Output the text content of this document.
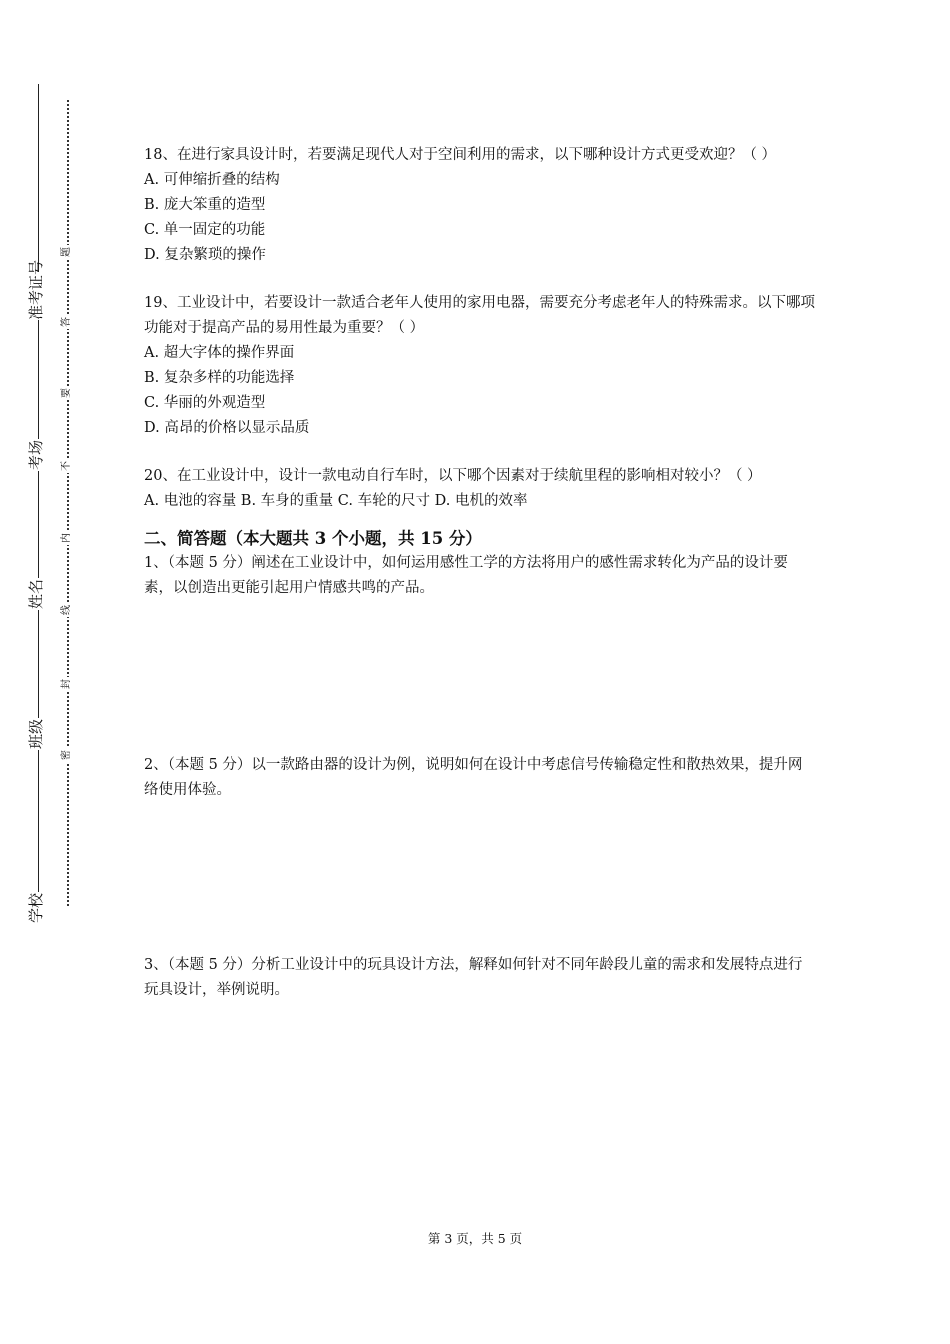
准考证号
考场
姓名
班级
学校
题
答
要
不
内
线
封
密

18、在进行家具设计时，若要满足现代人对于空间利用的需求，以下哪种设计方式更受欢迎？（ ）

A. 可伸缩折叠的结构

B. 庞大笨重的造型

C. 单一固定的功能

D. 复杂繁琐的操作

19、工业设计中，若要设计一款适合老年人使用的家用电器，需要充分考虑老年人的特殊需求。以下哪项功能对于提高产品的易用性最为重要？（ ）

A. 超大字体的操作界面

B. 复杂多样的功能选择

C. 华丽的外观造型

D. 高昂的价格以显示品质

20、在工业设计中，设计一款电动自行车时，以下哪个因素对于续航里程的影响相对较小？（ ）

A. 电池的容量 B. 车身的重量 C. 车轮的尺寸 D. 电机的效率

二、简答题（本大题共 3 个小题，共 15 分）

1、（本题 5 分）阐述在工业设计中，如何运用感性工学的方法将用户的感性需求转化为产品的设计要素，以创造出更能引起用户情感共鸣的产品。

2、（本题 5 分）以一款路由器的设计为例，说明如何在设计中考虑信号传输稳定性和散热效果，提升网络使用体验。

3、（本题 5 分）分析工业设计中的玩具设计方法，解释如何针对不同年龄段儿童的需求和发展特点进行玩具设计，举例说明。

第 3 页，共 5 页
